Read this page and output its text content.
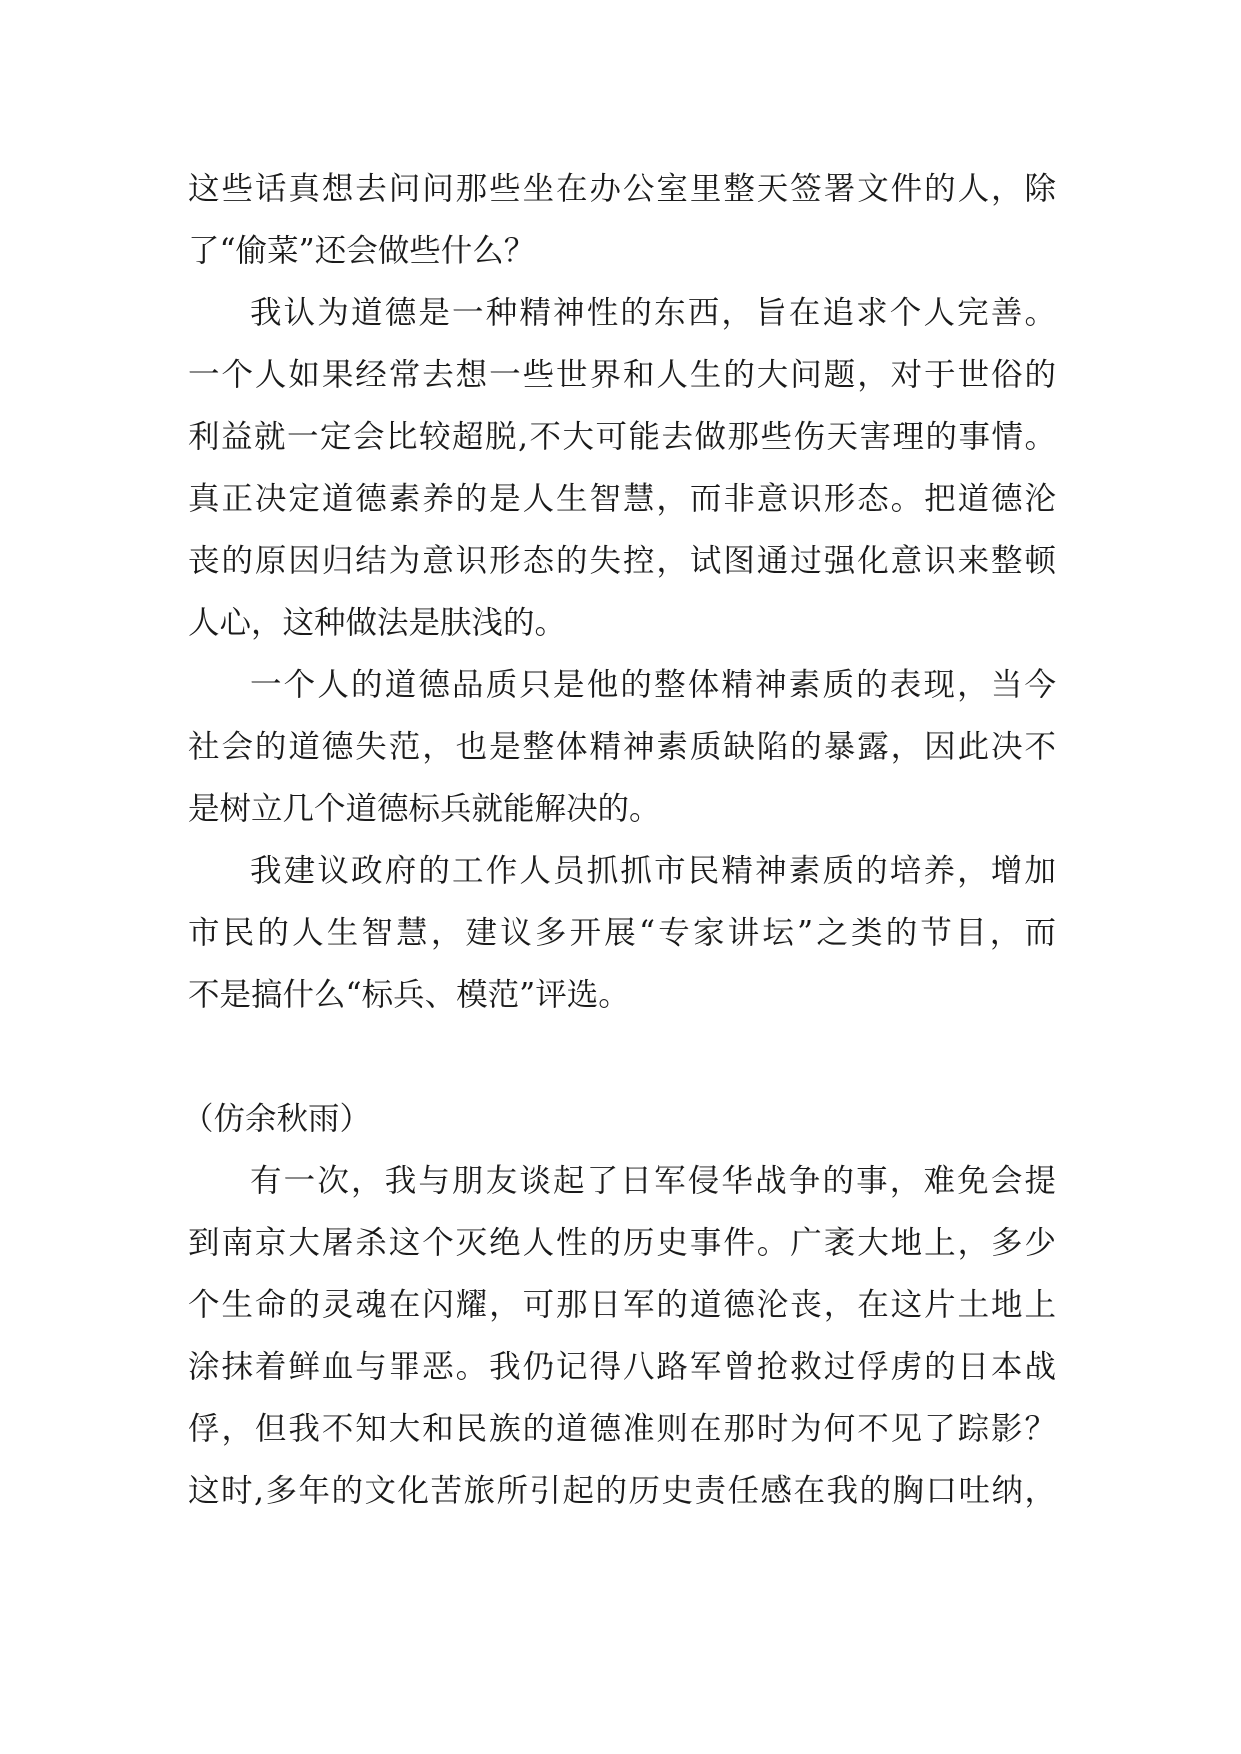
这些话真想去问问那些坐在办公室里整天签署文件的人，除
了“偷菜”还会做些什么？
我认为道德是一种精神性的东西，旨在追求个人完善。
一个人如果经常去想一些世界和人生的大问题，对于世俗的
利益就一定会比较超脱,不大可能去做那些伤天害理的事情。
真正决定道德素养的是人生智慧，而非意识形态。把道德沦
丧的原因归结为意识形态的失控，试图通过强化意识来整顿
人心，这种做法是肤浅的。
一个人的道德品质只是他的整体精神素质的表现，当今
社会的道德失范，也是整体精神素质缺陷的暴露，因此决不
是树立几个道德标兵就能解决的。
我建议政府的工作人员抓抓市民精神素质的培养，增加
市民的人生智慧，建议多开展“专家讲坛”之类的节目，而
不是搞什么“标兵、模范”评选。
（仿余秋雨）
有一次，我与朋友谈起了日军侵华战争的事，难免会提
到南京大屠杀这个灭绝人性的历史事件。广袤大地上，多少
个生命的灵魂在闪耀，可那日军的道德沦丧，在这片土地上
涂抹着鲜血与罪恶。我仍记得八路军曾抢救过俘虏的日本战
俘，但我不知大和民族的道德准则在那时为何不见了踪影？
这时,多年的文化苦旅所引起的历史责任感在我的胸口吐纳，
